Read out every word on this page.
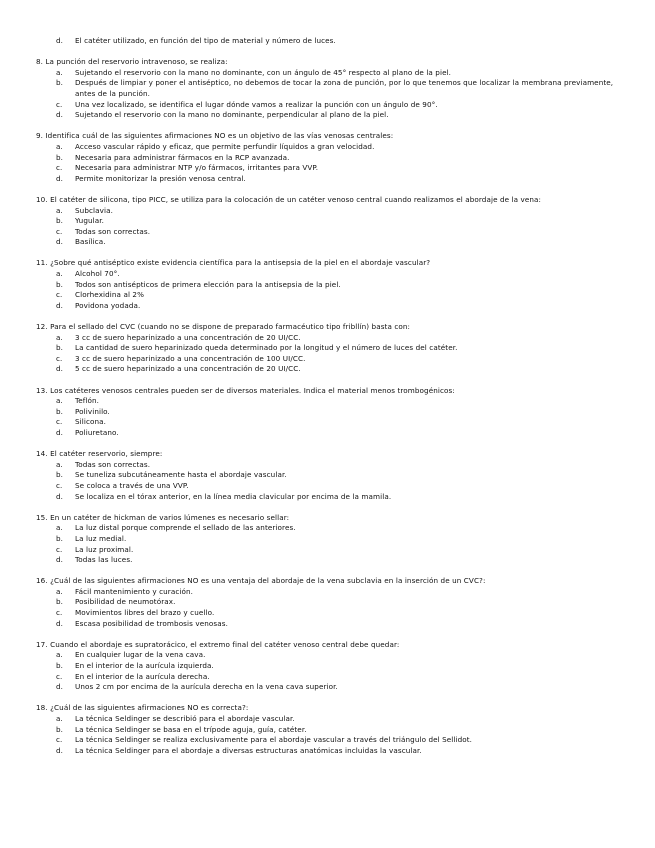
d. El catéter utilizado, en función del tipo de material y número de luces.
8. La punción del reservorio intravenoso, se realiza:
a. Sujetando el reservorio con la mano no dominante, con un ángulo de 45° respecto al plano de la piel.
b. Después de limpiar y poner el antiséptico, no debemos de tocar la zona de punción, por lo que tenemos que localizar la membrana previamente, antes de la punción.
c. Una vez localizado, se identifica el lugar dónde vamos a realizar la punción con un ángulo de 90°.
d. Sujetando el reservorio con la mano no dominante, perpendicular al plano de la piel.
9. Identifica cuál de las siguientes afirmaciones NO es un objetivo de las vías venosas centrales:
a. Acceso vascular rápido y eficaz, que permite perfundir líquidos a gran velocidad.
b. Necesaria para administrar fármacos en la RCP avanzada.
c. Necesaria para administrar NTP y/o fármacos, irritantes para VVP.
d. Permite monitorizar la presión venosa central.
10. El catéter de silicona, tipo PICC, se utiliza para la colocación de un catéter venoso central cuando realizamos el abordaje de la vena:
a. Subclavia.
b. Yugular.
c. Todas son correctas.
d. Basílica.
11. ¿Sobre qué antiséptico existe evidencia científica para la antisepsia de la piel en el abordaje vascular?
a. Alcohol 70°.
b. Todos son antisépticos de primera elección para la antisepsia de la piel.
c. Clorhexidina al 2%
d. Povidona yodada.
12. Para el sellado del CVC (cuando no se dispone de preparado farmacéutico tipo fribllín) basta con:
a. 3 cc de suero heparinizado a una concentración de 20 UI/CC.
b. La cantidad de suero heparinizado queda determinado por la longitud y el número de luces del catéter.
c. 3 cc de suero heparinizado a una concentración de 100 UI/CC.
d. 5 cc de suero heparinizado a una concentración de 20 UI/CC.
13. Los catéteres venosos centrales pueden ser de diversos materiales. Indica el material menos trombogénicos:
a. Teflón.
b. Polivinilo.
c. Silicona.
d. Poliuretano.
14. El catéter reservorio, siempre:
a. Todas son correctas.
b. Se tuneliza subcutáneamente hasta el abordaje vascular.
c. Se coloca a través de una VVP.
d. Se localiza en el tórax anterior, en la línea media clavicular por encima de la mamila.
15. En un catéter de hickman de varios lúmenes es necesario sellar:
a. La luz distal porque comprende el sellado de las anteriores.
b. La luz medial.
c. La luz proximal.
d. Todas las luces.
16. ¿Cuál de las siguientes afirmaciones NO es una ventaja del abordaje de la vena subclavia en la inserción de un CVC?:
a. Fácil mantenimiento y curación.
b. Posibilidad de neumotórax.
c. Movimientos libres del brazo y cuello.
d. Escasa posibilidad de trombosis venosas.
17. Cuando el abordaje es supratorácico, el extremo final del catéter venoso central debe quedar:
a. En cualquier lugar de la vena cava.
b. En el interior de la aurícula izquierda.
c. En el interior de la aurícula derecha.
d. Unos 2 cm por encima de la aurícula derecha en la vena cava superior.
18. ¿Cuál de las siguientes afirmaciones NO es correcta?:
a. La técnica Seldinger se describió para el abordaje vascular.
b. La técnica Seldinger se basa en el trípode aguja, guía, catéter.
c. La técnica Seldinger se realiza exclusivamente para el abordaje vascular a través del triángulo del Sellidot.
d. La técnica Seldinger para el abordaje a diversas estructuras anatómicas incluidas la vascular.
